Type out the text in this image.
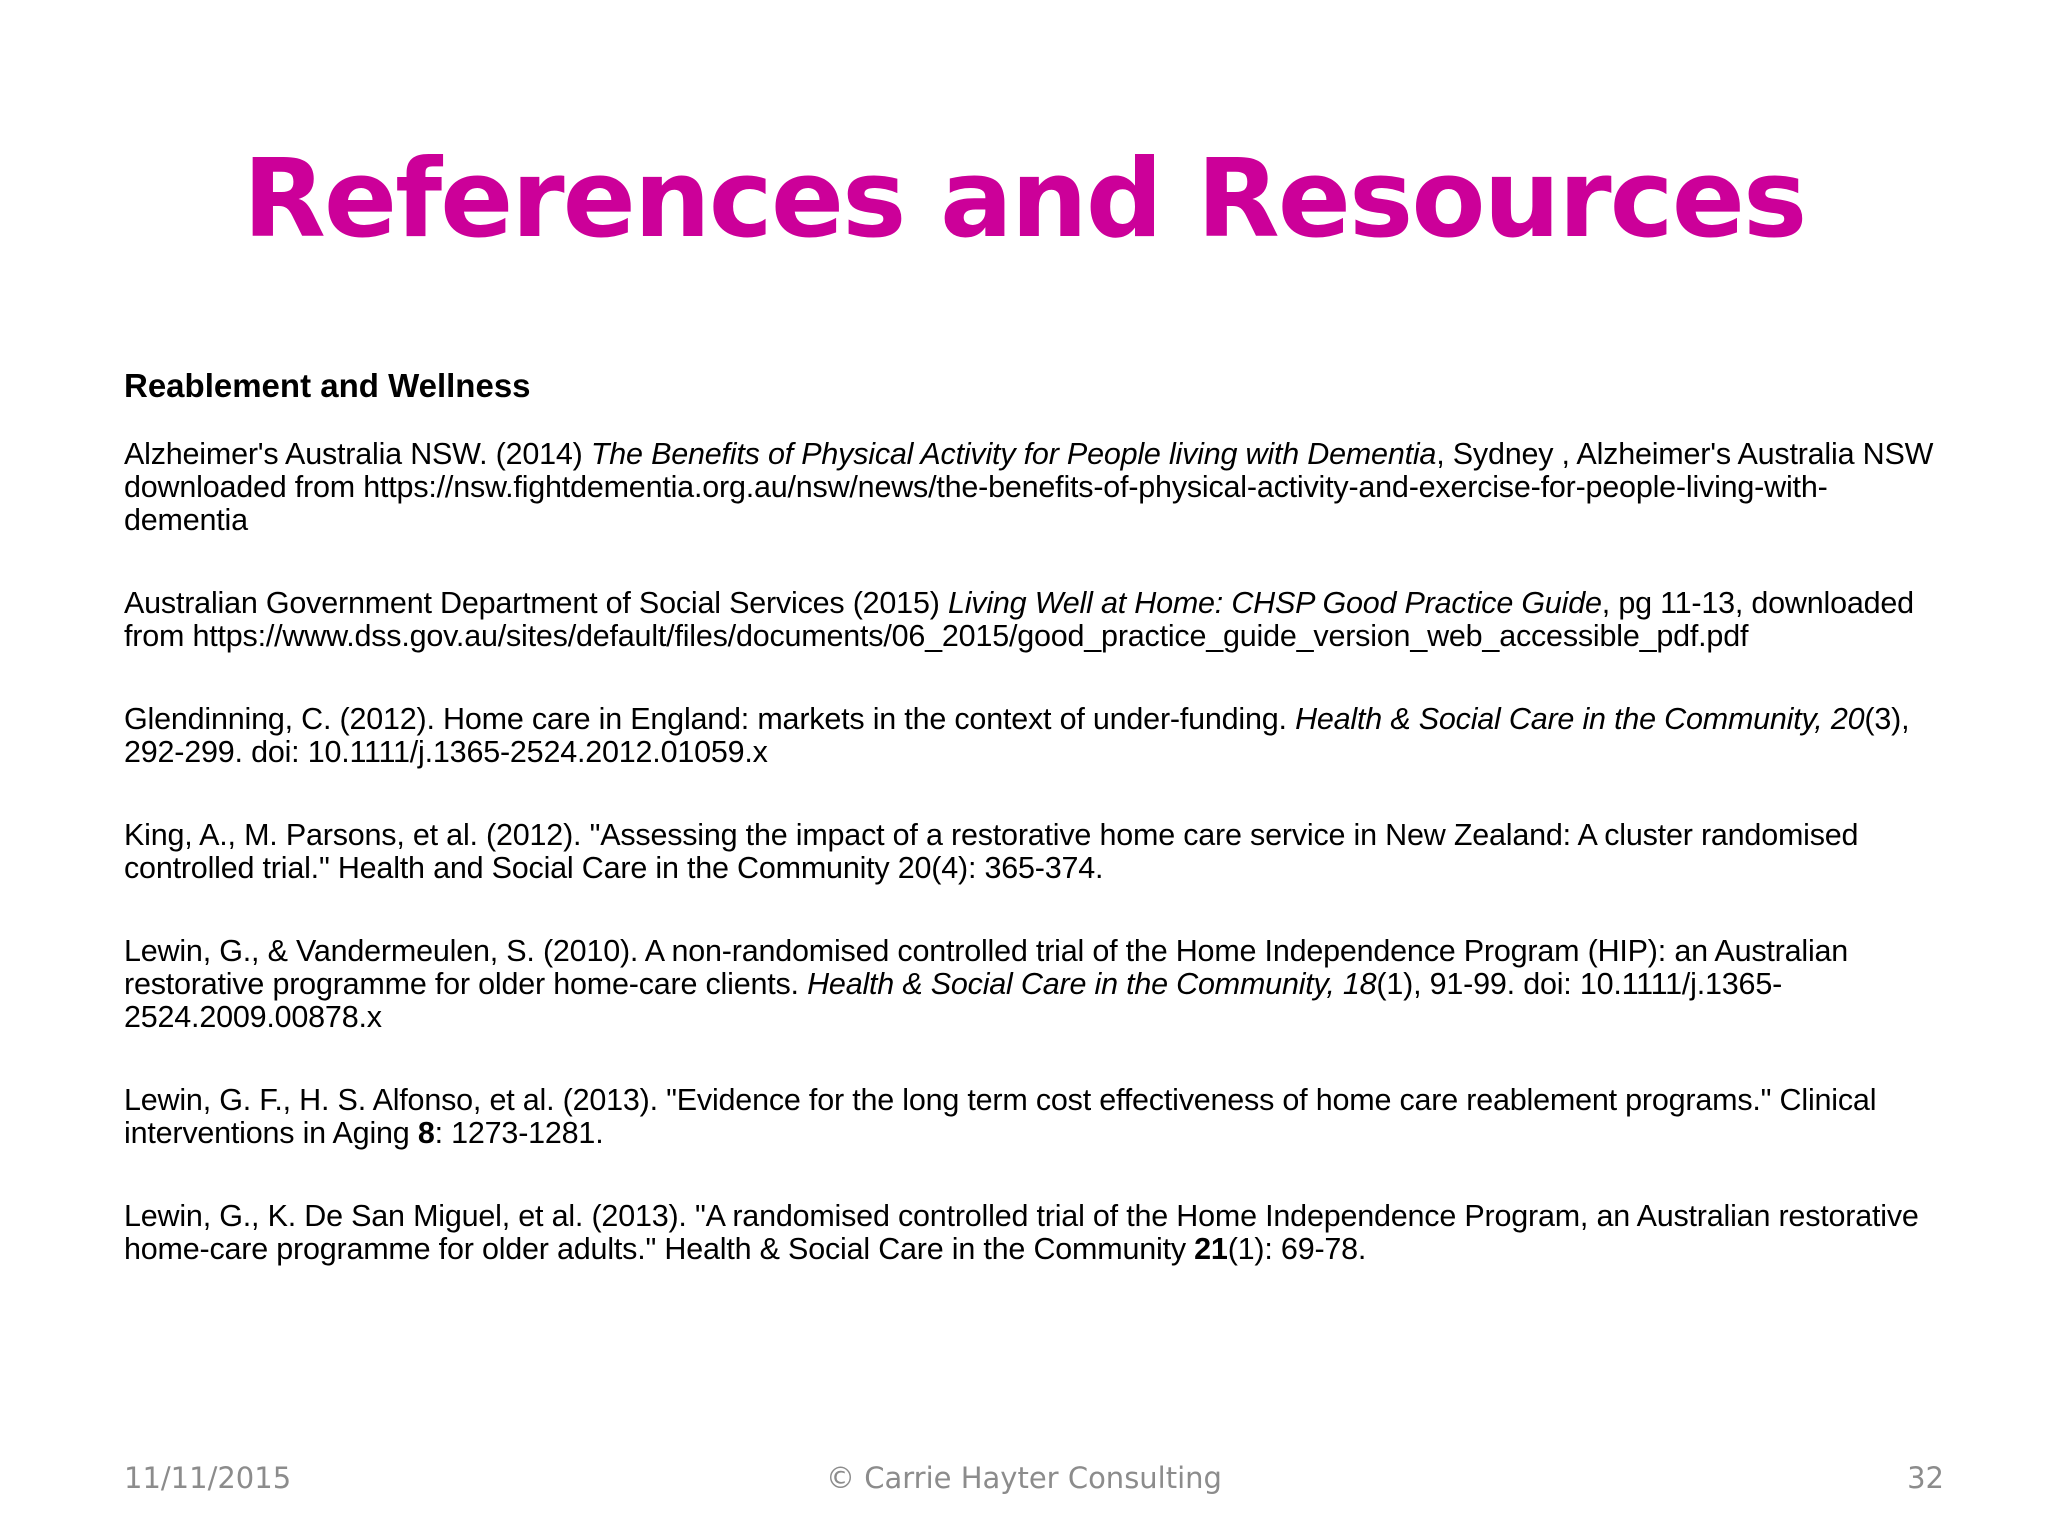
References and Resources

Reablement and Wellness

Alzheimer's Australia NSW. (2014) The Benefits of Physical Activity for People living with Dementia, Sydney , Alzheimer's Australia NSW downloaded from https://nsw.fightdementia.org.au/nsw/news/the-benefits-of-physical-activity-and-exercise-for-people-living-with-dementia

Australian Government Department of Social Services (2015) Living Well at Home: CHSP Good Practice Guide, pg 11-13, downloaded from https://www.dss.gov.au/sites/default/files/documents/06_2015/good_practice_guide_version_web_accessible_pdf.pdf

Glendinning, C. (2012). Home care in England: markets in the context of under-funding. Health & Social Care in the Community, 20(3), 292-299. doi: 10.1111/j.1365-2524.2012.01059.x

King, A., M. Parsons, et al. (2012). "Assessing the impact of a restorative home care service in New Zealand: A cluster randomised controlled trial." Health and Social Care in the Community 20(4): 365-374.

Lewin, G., & Vandermeulen, S. (2010). A non-randomised controlled trial of the Home Independence Program (HIP): an Australian restorative programme for older home-care clients. Health & Social Care in the Community, 18(1), 91-99. doi: 10.1111/j.1365-2524.2009.00878.x

Lewin, G. F., H. S. Alfonso, et al. (2013). "Evidence for the long term cost effectiveness of home care reablement programs." Clinical interventions in Aging 8: 1273-1281.

Lewin, G., K. De San Miguel, et al. (2013). "A randomised controlled trial of the Home Independence Program, an Australian restorative home-care programme for older adults." Health & Social Care in the Community 21(1): 69-78.

11/11/2015	© Carrie Hayter Consulting	32
